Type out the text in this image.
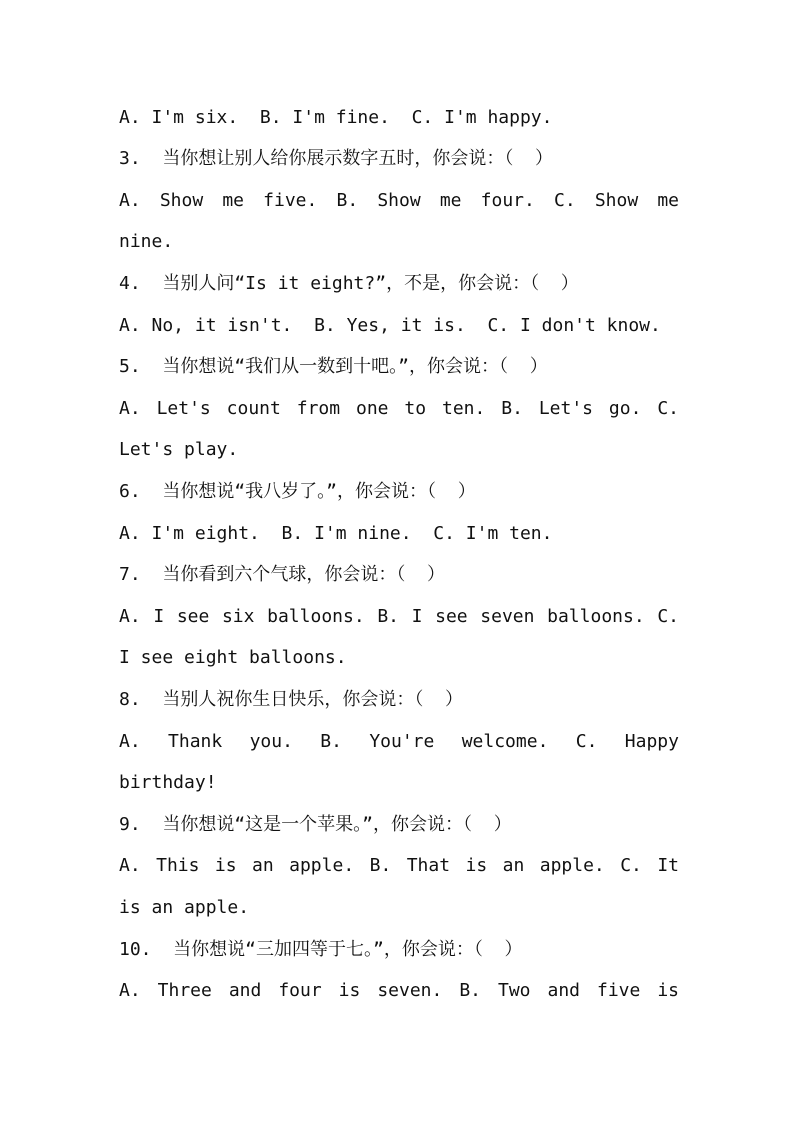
A. I'm six.  B. I'm fine.  C. I'm happy.
3.  当你想让别人给你展示数字五时，你会说：（  ）
A. Show me five. B. Show me four. C. Show me
nine.
4.  当别人问“Is it eight?”，不是，你会说：（  ）
A. No, it isn't.  B. Yes, it is.  C. I don't know.
5.  当你想说“我们从一数到十吧。”，你会说：（  ）
A. Let's count from one to ten. B. Let's go. C.
Let's play.
6.  当你想说“我八岁了。”，你会说：（  ）
A. I'm eight.  B. I'm nine.  C. I'm ten.
7.  当你看到六个气球，你会说：（  ）
A. I see six balloons. B. I see seven balloons. C.
I see eight balloons.
8.  当别人祝你生日快乐，你会说：（  ）
A. Thank you. B. You're welcome. C. Happy
birthday!
9.  当你想说“这是一个苹果。”，你会说：（  ）
A. This is an apple. B. That is an apple. C. It
is an apple.
10.  当你想说“三加四等于七。”，你会说：（  ）
A. Three and four is seven. B. Two and five is
